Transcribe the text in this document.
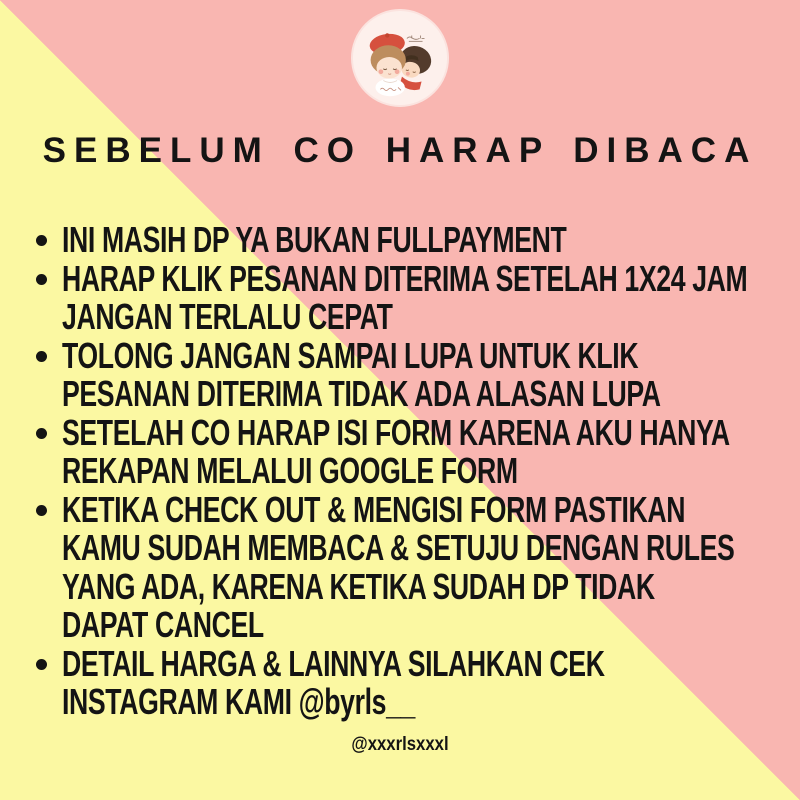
SEBELUM CO HARAP DIBACA
INI MASIH DP YA BUKAN FULLPAYMENT
HARAP KLIK PESANAN DITERIMA SETELAH 1X24 JAM
JANGAN TERLALU CEPAT
TOLONG JANGAN SAMPAI LUPA UNTUK KLIK
PESANAN DITERIMA TIDAK ADA ALASAN LUPA
SETELAH CO HARAP ISI FORM KARENA AKU HANYA
REKAPAN MELALUI GOOGLE FORM
KETIKA CHECK OUT & MENGISI FORM PASTIKAN
KAMU SUDAH MEMBACA & SETUJU DENGAN RULES
YANG ADA, KARENA KETIKA SUDAH DP TIDAK
DAPAT CANCEL
DETAIL HARGA & LAINNYA SILAHKAN CEK
INSTAGRAM KAMI @byrls__
@xxxrlsxxxl
